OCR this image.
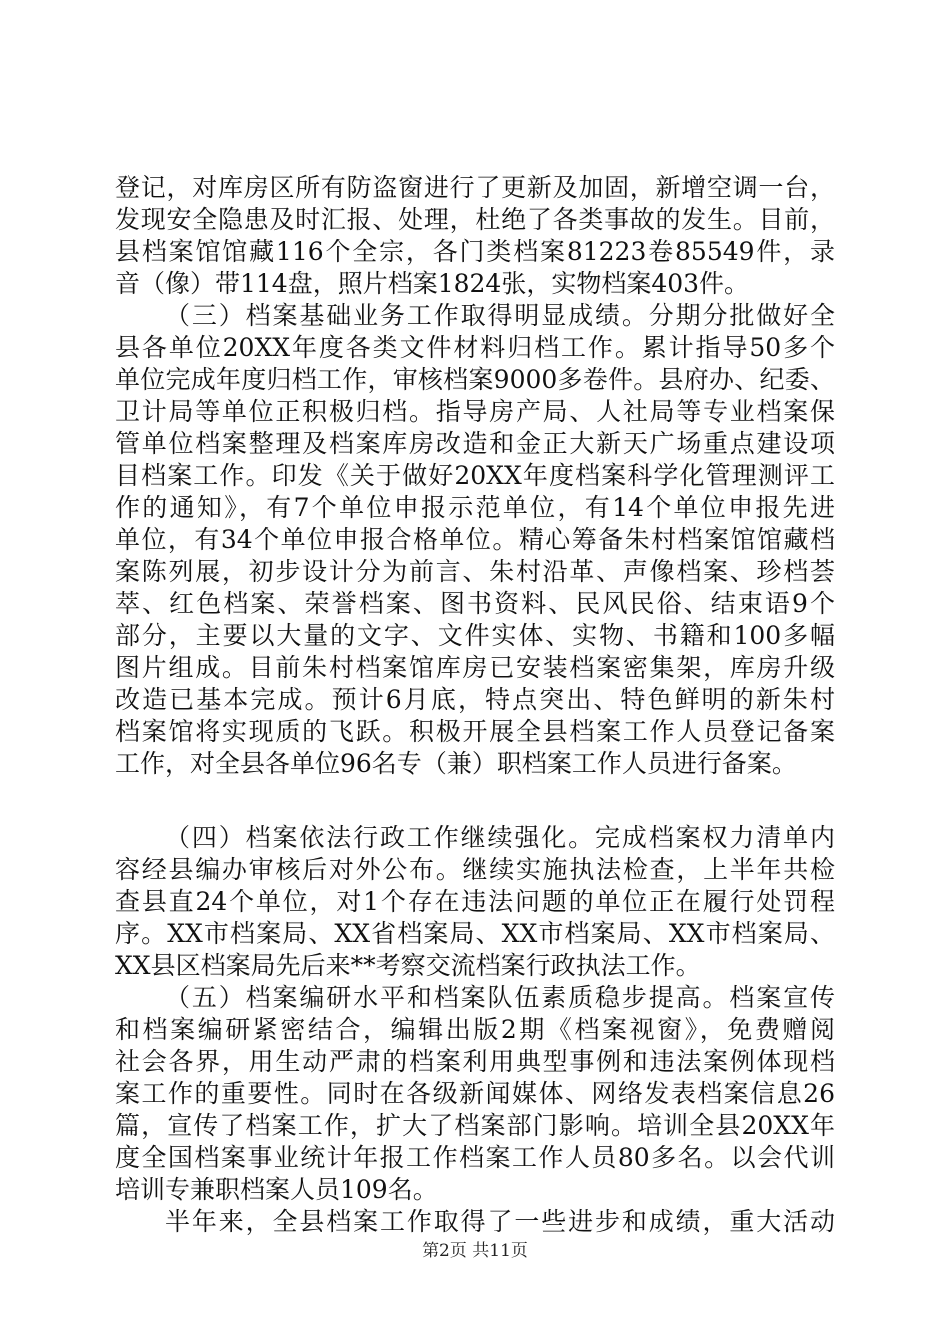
登记，对库房区所有防盗窗进行了更新及加固，新增空调一台，
发现安全隐患及时汇报、处理，杜绝了各类事故的发生。目前，
县档案馆馆藏116个全宗，各门类档案81223卷85549件，录
音（像）带114盘，照片档案1824张，实物档案403件。
（三）档案基础业务工作取得明显成绩。分期分批做好全
县各单位20XX年度各类文件材料归档工作。累计指导50多个
单位完成年度归档工作，审核档案9000多卷件。县府办、纪委、
卫计局等单位正积极归档。指导房产局、人社局等专业档案保
管单位档案整理及档案库房改造和金正大新天广场重点建设项
目档案工作。印发《关于做好20XX年度档案科学化管理测评工
作的通知》，有7个单位申报示范单位，有14个单位申报先进
单位，有34个单位申报合格单位。精心筹备朱村档案馆馆藏档
案陈列展，初步设计分为前言、朱村沿革、声像档案、珍档荟
萃、红色档案、荣誉档案、图书资料、民风民俗、结束语9个
部分，主要以大量的文字、文件实体、实物、书籍和100多幅
图片组成。目前朱村档案馆库房已安装档案密集架，库房升级
改造已基本完成。预计6月底，特点突出、特色鲜明的新朱村
档案馆将实现质的飞跃。积极开展全县档案工作人员登记备案
工作，对全县各单位96名专（兼）职档案工作人员进行备案。
（四）档案依法行政工作继续强化。完成档案权力清单内
容经县编办审核后对外公布。继续实施执法检查，上半年共检
查县直24个单位，对1个存在违法问题的单位正在履行处罚程
序。XX市档案局、XX省档案局、XX市档案局、XX市档案局、
XX县区档案局先后来**考察交流档案行政执法工作。
（五）档案编研水平和档案队伍素质稳步提高。档案宣传
和档案编研紧密结合，编辑出版2期《档案视窗》，免费赠阅
社会各界，用生动严肃的档案利用典型事例和违法案例体现档
案工作的重要性。同时在各级新闻媒体、网络发表档案信息26
篇，宣传了档案工作，扩大了档案部门影响。培训全县20XX年
度全国档案事业统计年报工作档案工作人员80多名。以会代训
培训专兼职档案人员109名。
半年来，全县档案工作取得了一些进步和成绩，重大活动
第2页 共11页
